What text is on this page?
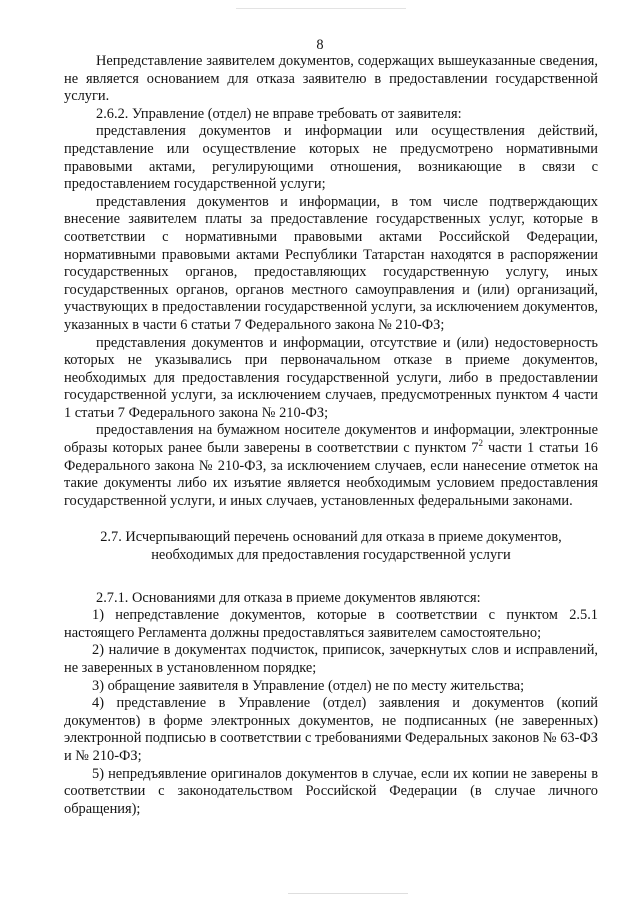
8

Непредставление заявителем документов, содержащих вышеуказанные сведения, не является основанием для отказа заявителю в предоставлении государственной услуги.

2.6.2. Управление (отдел) не вправе требовать от заявителя:

представления документов и информации или осуществления действий, представление или осуществление которых не предусмотрено нормативными правовыми актами, регулирующими отношения, возникающие в связи с предоставлением государственной услуги;

представления документов и информации, в том числе подтверждающих внесение заявителем платы за предоставление государственных услуг, которые в соответствии с нормативными правовыми актами Российской Федерации, нормативными правовыми актами Республики Татарстан находятся в распоряжении государственных органов, предоставляющих государственную услугу, иных государственных органов, органов местного самоуправления и (или) организаций, участвующих в предоставлении государственной услуги, за исключением документов, указанных в части 6 статьи 7 Федерального закона № 210-ФЗ;

представления документов и информации, отсутствие и (или) недостоверность которых не указывались при первоначальном отказе в приеме документов, необходимых для предоставления государственной услуги, либо в предоставлении государственной услуги, за исключением случаев, предусмотренных пунктом 4 части 1 статьи 7 Федерального закона № 210-ФЗ;

предоставления на бумажном носителе документов и информации, электронные образы которых ранее были заверены в соответствии с пунктом $7^2$ части 1 статьи 16 Федерального закона № 210-ФЗ, за исключением случаев, если нанесение отметок на такие документы либо их изъятие является необходимым условием предоставления государственной услуги, и иных случаев, установленных федеральными законами.

2.7. Исчерпывающий перечень оснований для отказа в приеме документов,
необходимых для предоставления государственной услуги

2.7.1. Основаниями для отказа в приеме документов являются:

1) непредставление документов, которые в соответствии с пунктом 2.5.1 настоящего Регламента должны предоставляться заявителем самостоятельно;

2) наличие в документах подчисток, приписок, зачеркнутых слов и исправлений, не заверенных в установленном порядке;

3) обращение заявителя в Управление (отдел) не по месту жительства;

4) представление в Управление (отдел) заявления и документов (копий документов) в форме электронных документов, не подписанных (не заверенных) электронной подписью в соответствии с требованиями Федеральных законов № 63-ФЗ и № 210-ФЗ;

5) непредъявление оригиналов документов в случае, если их копии не заверены в соответствии с законодательством Российской Федерации (в случае личного обращения);
